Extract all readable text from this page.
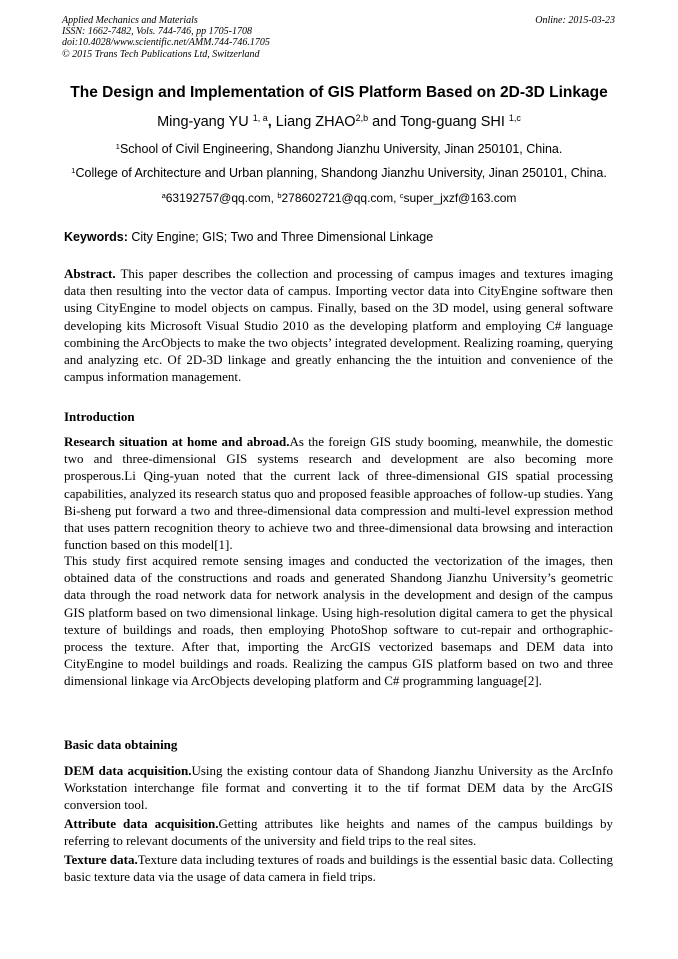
Applied Mechanics and Materials
ISSN: 1662-7482, Vols. 744-746, pp 1705-1708
doi:10.4028/www.scientific.net/AMM.744-746.1705
© 2015 Trans Tech Publications Ltd, Switzerland
Online: 2015-03-23
The Design and Implementation of GIS Platform Based on 2D-3D Linkage
Ming-yang YU $^{1, a}$, Liang ZHAO$^{2,b}$ and Tong-guang SHI $^{1,c}$
$^1$School of Civil Engineering, Shandong Jianzhu University, Jinan 250101, China.
$^1$College of Architecture and Urban planning, Shandong Jianzhu University, Jinan 250101, China.
$^a$63192757@qq.com, $^b$278602721@qq.com, $^c$super_jxzf@163.com
Keywords: City Engine; GIS; Two and Three Dimensional Linkage
Abstract. This paper describes the collection and processing of campus images and textures imaging data then resulting into the vector data of campus. Importing vector data into CityEngine software then using CityEngine to model objects on campus. Finally, based on the 3D model, using general software developing kits Microsoft Visual Studio 2010 as the developing platform and employing C# language combining the ArcObjects to make the two objects’ integrated development. Realizing roaming, querying and analyzing etc. Of 2D-3D linkage and greatly enhancing the the intuition and convenience of the campus information management.
Introduction
Research situation at home and abroad.As the foreign GIS study booming, meanwhile, the domestic two and three-dimensional GIS systems research and development are also becoming more prosperous.Li Qing-yuan noted that the current lack of three-dimensional GIS spatial processing capabilities, analyzed its research status quo and proposed feasible approaches of follow-up studies. Yang Bi-sheng put forward a two and three-dimensional data compression and multi-level expression method that uses pattern recognition theory to achieve two and three-dimensional data browsing and interaction function based on this model[1].
This study first acquired remote sensing images and conducted the vectorization of the images, then obtained data of the constructions and roads and generated Shandong Jianzhu University’s geometric data through the road network data for network analysis in the development and design of the campus GIS platform based on two dimensional linkage. Using high-resolution digital camera to get the physical texture of buildings and roads, then employing PhotoShop software to cut-repair and orthographic-process the texture. After that, importing the ArcGIS vectorized basemaps and DEM data into CityEngine to model buildings and roads. Realizing the campus GIS platform based on two and three dimensional linkage via ArcObjects developing platform and C# programming language[2].
Basic data obtaining
DEM data acquisition.Using the existing contour data of Shandong Jianzhu University as the ArcInfo Workstation interchange file format and converting it to the tif format DEM data by the ArcGIS conversion tool.
Attribute data acquisition.Getting attributes like heights and names of the campus buildings by referring to relevant documents of the university and field trips to the real sites.
Texture data.Texture data including textures of roads and buildings is the essential basic data. Collecting basic texture data via the usage of data camera in field trips.
